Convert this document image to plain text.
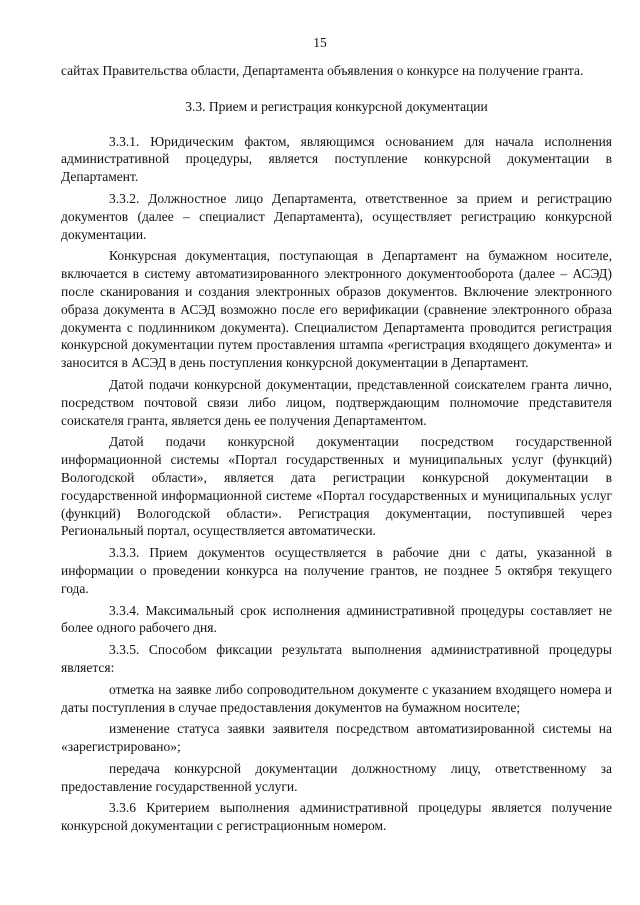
15

сайтах Правительства области, Департамента объявления о конкурсе на получение гранта.

3.3. Прием и регистрация конкурсной документации

3.3.1. Юридическим фактом, являющимся основанием для начала исполнения административной процедуры, является поступление конкурсной документации в Департамент.

3.3.2. Должностное лицо Департамента, ответственное за прием и регистрацию документов (далее – специалист Департамента), осуществляет регистрацию конкурсной документации.

Конкурсная документация, поступающая в Департамент на бумажном носителе, включается в систему автоматизированного электронного документооборота (далее – АСЭД) после сканирования и создания электронных образов документов. Включение электронного образа документа в АСЭД возможно после его верификации (сравнение электронного образа документа с подлинником документа). Специалистом Департамента проводится регистрация конкурсной документации путем проставления штампа «регистрация входящего документа» и заносится в АСЭД в день поступления конкурсной документации в Департамент.

Датой подачи конкурсной документации, представленной соискателем гранта лично, посредством почтовой связи либо лицом, подтверждающим полномочие представителя соискателя гранта, является день ее получения Департаментом.

Датой подачи конкурсной документации посредством государственной информационной системы «Портал государственных и муниципальных услуг (функций) Вологодской области», является дата регистрации конкурсной документации в государственной информационной системе «Портал государственных и муниципальных услуг (функций) Вологодской области». Регистрация документации, поступившей через Региональный портал, осуществляется автоматически.

3.3.3. Прием документов осуществляется в рабочие дни с даты, указанной в информации о проведении конкурса на получение грантов, не позднее 5 октября текущего года.

3.3.4. Максимальный срок исполнения административной процедуры составляет не более одного рабочего дня.

3.3.5. Способом фиксации результата выполнения административной процедуры является:

отметка на заявке либо сопроводительном документе с указанием входящего номера и даты поступления в случае предоставления документов на бумажном носителе;

изменение статуса заявки заявителя посредством автоматизированной системы на «зарегистрировано»;

передача конкурсной документации должностному лицу, ответственному за предоставление государственной услуги.

3.3.6 Критерием выполнения административной процедуры является получение конкурсной документации с регистрационным номером.
